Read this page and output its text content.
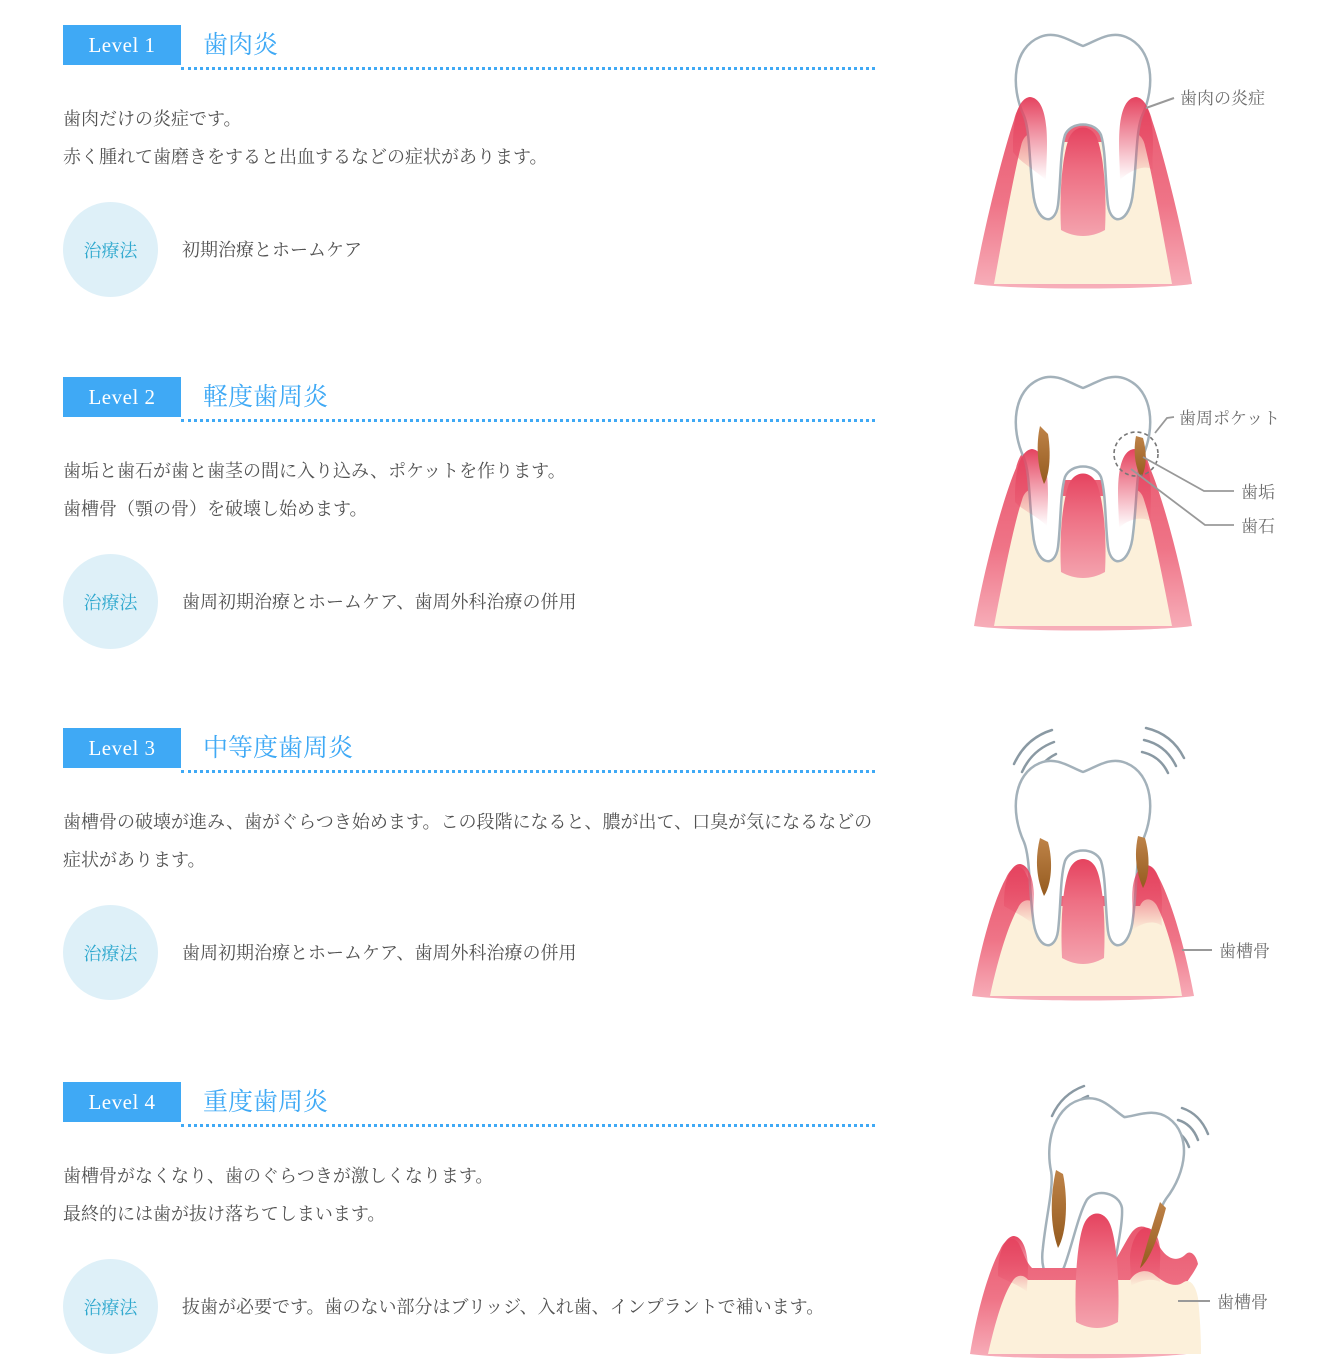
Level 1	歯肉炎

歯肉だけの炎症です。

赤く腫れて歯磨きをすると出血するなどの症状があります。

治療法	初期治療とホームケア

Level 2	軽度歯周炎

歯垢と歯石が歯と歯茎の間に入り込み、ポケットを作ります。

歯槽骨（顎の骨）を破壊し始めます。

治療法	歯周初期治療とホームケア、歯周外科治療の併用

Level 3	中等度歯周炎

歯槽骨の破壊が進み、歯がぐらつき始めます。この段階になると、膿が出て、口臭が気になるなどの症状があります。

治療法	歯周初期治療とホームケア、歯周外科治療の併用

Level 4	重度歯周炎

歯槽骨がなくなり、歯のぐらつきが激しくなります。

最終的には歯が抜け落ちてしまいます。

治療法	抜歯が必要です。歯のない部分はブリッジ、入れ歯、インプラントで補います。

歯肉の炎症
歯周ポケット
歯垢
歯石
歯槽骨
歯槽骨
